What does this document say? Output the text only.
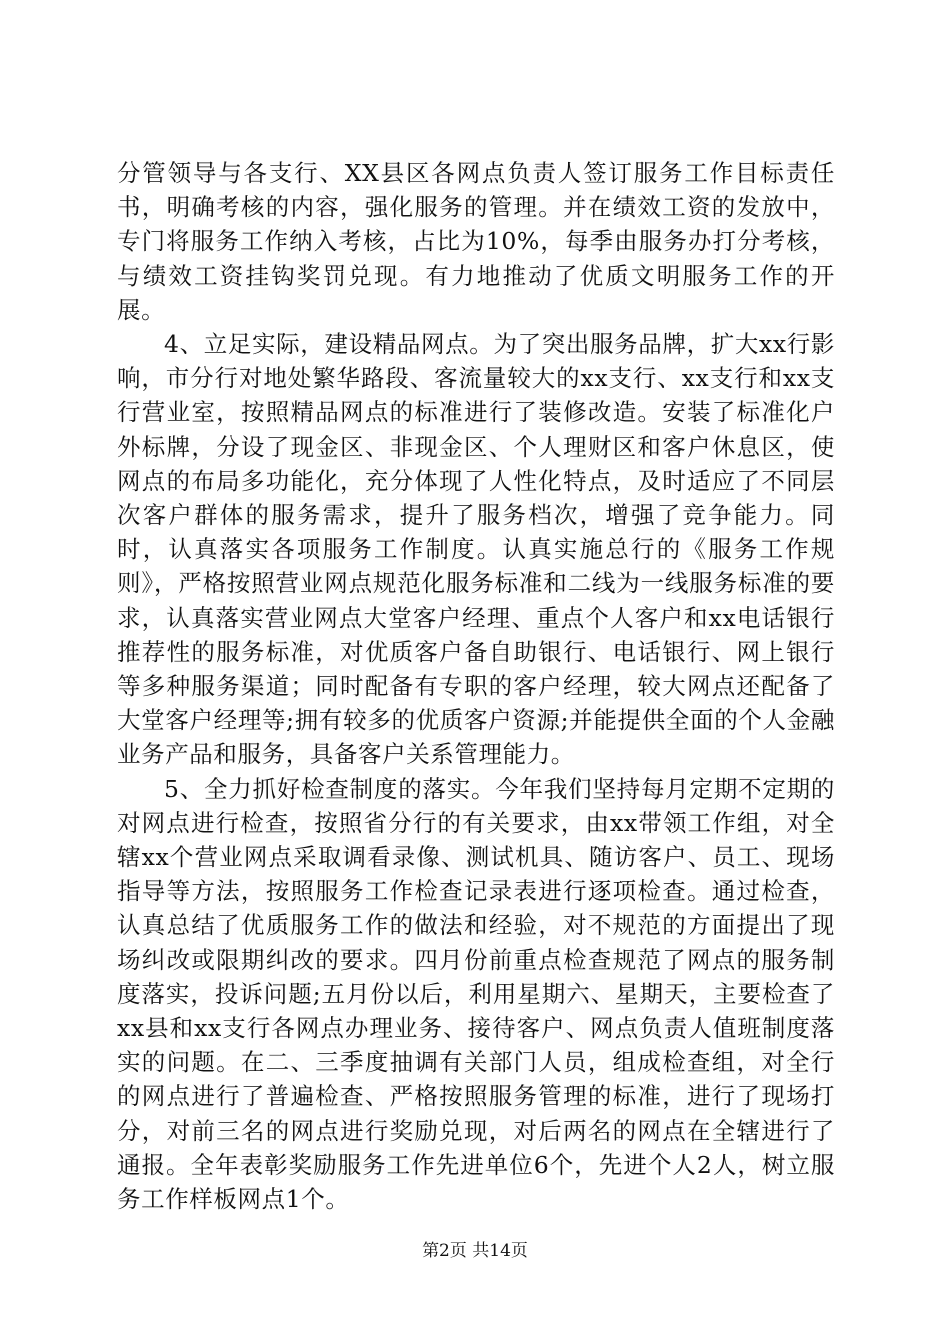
分管领导与各支行、XX县区各网点负责人签订服务工作目标责任书，明确考核的内容，强化服务的管理。并在绩效工资的发放中，专门将服务工作纳入考核，占比为10%，每季由服务办打分考核，与绩效工资挂钩奖罚兑现。有力地推动了优质文明服务工作的开展。

4、立足实际，建设精品网点。为了突出服务品牌，扩大xx行影响，市分行对地处繁华路段、客流量较大的xx支行、xx支行和xx支行营业室，按照精品网点的标准进行了装修改造。安装了标准化户外标牌，分设了现金区、非现金区、个人理财区和客户休息区，使网点的布局多功能化，充分体现了人性化特点，及时适应了不同层次客户群体的服务需求，提升了服务档次，增强了竞争能力。同时，认真落实各项服务工作制度。认真实施总行的《服务工作规则》，严格按照营业网点规范化服务标准和二线为一线服务标准的要求，认真落实营业网点大堂客户经理、重点个人客户和xx电话银行推荐性的服务标准，对优质客户备自助银行、电话银行、网上银行等多种服务渠道；同时配备有专职的客户经理，较大网点还配备了大堂客户经理等;拥有较多的优质客户资源;并能提供全面的个人金融业务产品和服务，具备客户关系管理能力。

5、全力抓好检查制度的落实。今年我们坚持每月定期不定期的对网点进行检查，按照省分行的有关要求，由xx带领工作组，对全辖xx个营业网点采取调看录像、测试机具、随访客户、员工、现场指导等方法，按照服务工作检查记录表进行逐项检查。通过检查，认真总结了优质服务工作的做法和经验，对不规范的方面提出了现场纠改或限期纠改的要求。四月份前重点检查规范了网点的服务制度落实，投诉问题;五月份以后，利用星期六、星期天，主要检查了xx县和xx支行各网点办理业务、接待客户、网点负责人值班制度落实的问题。在二、三季度抽调有关部门人员，组成检查组，对全行的网点进行了普遍检查、严格按照服务管理的标准，进行了现场打分，对前三名的网点进行奖励兑现，对后两名的网点在全辖进行了通报。全年表彰奖励服务工作先进单位6个，先进个人2人，树立服务工作样板网点1个。

第2页 共14页
